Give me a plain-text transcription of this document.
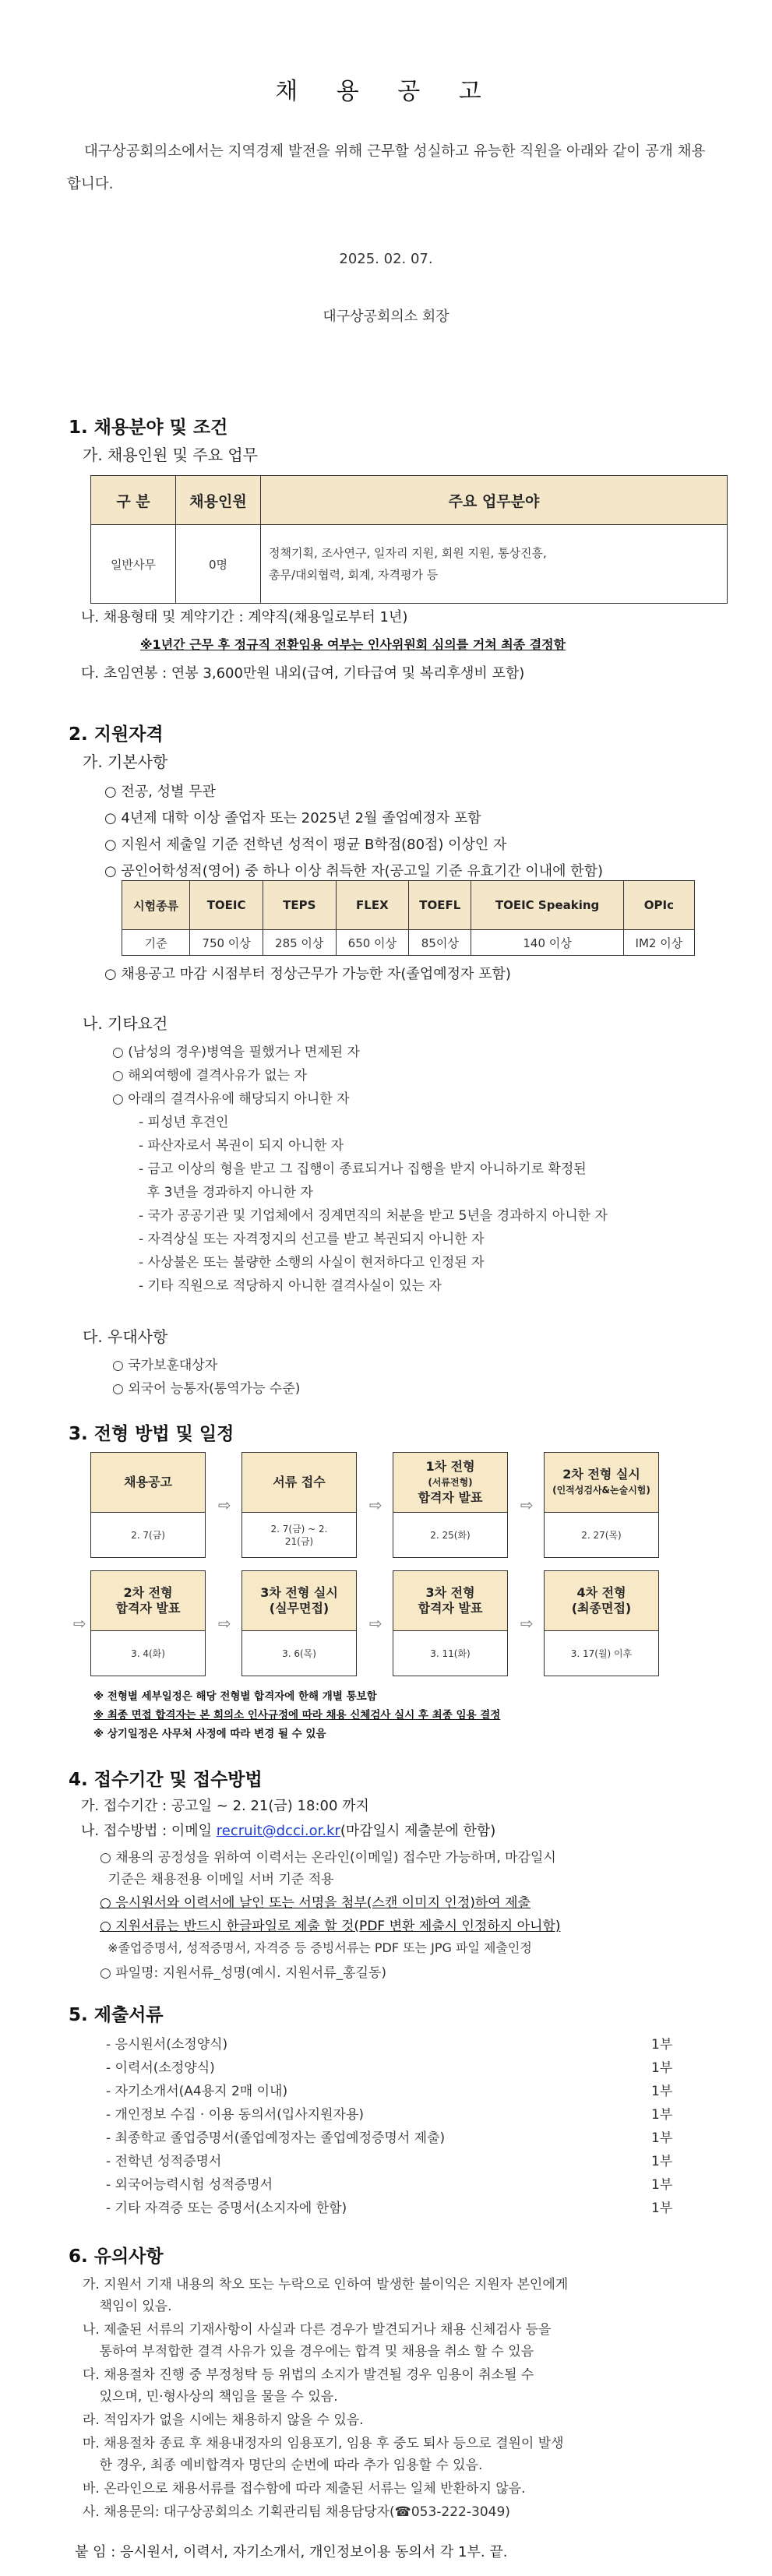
채 용 공 고
대구상공회의소에서는 지역경제 발전을 위해 근무할 성실하고 유능한 직원을 아래와 같이 공개 채용합니다.
2025. 02. 07.
대구상공회의소 회장
1. 채용분야 및 조건
가. 채용인원 및 주요 업무
구 분	채용인원	주요 업무분야
일반사무	0명	정책기획, 조사연구, 일자리 지원, 회원 지원, 통상진흥,
총무/대외협력, 회계, 자격평가 등
나. 채용형태 및 계약기간 : 계약직(채용일로부터 1년)
※1년간 근무 후 정규직 전환임용 여부는 인사위원회 심의를 거쳐 최종 결정함
다. 초임연봉 : 연봉 3,600만원 내외(급여, 기타급여 및 복리후생비 포함)
2. 지원자격
가. 기본사항
○ 전공, 성별 무관
○ 4년제 대학 이상 졸업자 또는 2025년 2월 졸업예정자 포함
○ 지원서 제출일 기준 전학년 성적이 평균 B학점(80점) 이상인 자
○ 공인어학성적(영어) 중 하나 이상 취득한 자(공고일 기준 유효기간 이내에 한함)
시험종류	TOEIC	TEPS	FLEX	TOEFL	TOEIC Speaking	OPIc
기준	750 이상	285 이상	650 이상	85이상	140 이상	IM2 이상
○ 채용공고 마감 시점부터 정상근무가 가능한 자(졸업예정자 포함)
나. 기타요건
○ (남성의 경우)병역을 필했거나 면제된 자
○ 해외여행에 결격사유가 없는 자
○ 아래의 결격사유에 해당되지 아니한 자
- 피성년 후견인
- 파산자로서 복권이 되지 아니한 자
- 금고 이상의 형을 받고 그 집행이 종료되거나 집행을 받지 아니하기로 확정된
후 3년을 경과하지 아니한 자
- 국가 공공기관 및 기업체에서 징계면직의 처분을 받고 5년을 경과하지 아니한 자
- 자격상실 또는 자격정지의 선고를 받고 복권되지 아니한 자
- 사상불온 또는 불량한 소행의 사실이 현저하다고 인정된 자
- 기타 직원으로 적당하지 아니한 결격사실이 있는 자
다. 우대사항
○ 국가보훈대상자
○ 외국어 능통자(통역가능 수준)
3. 전형 방법 및 일정
채용공고
2. 7(금)
⇨
서류 접수
2. 7(금) ~ 2. 21(금)
⇨
1차 전형
(서류전형)
합격자 발표
2. 25(화)
⇨
2차 전형 실시
(인적성검사&논술시험)
2. 27(목)
⇨
2차 전형
합격자 발표
3. 4(화)
⇨
3차 전형 실시
(실무면접)
3. 6(목)
⇨
3차 전형
합격자 발표
3. 11(화)
⇨
4차 전형
(최종면접)
3. 17(월) 이후
※ 전형별 세부일정은 해당 전형별 합격자에 한해 개별 통보함
※ 최종 면접 합격자는 본 회의소 인사규정에 따라 채용 신체검사 실시 후 최종 임용 결정
※ 상기일정은 사무처 사정에 따라 변경 될 수 있음
4. 접수기간 및 접수방법
가. 접수기간 : 공고일 ~ 2. 21(금) 18:00 까지
나. 접수방법 : 이메일 recruit@dcci.or.kr(마감일시 제출분에 한함)
○ 채용의 공정성을 위하여 이력서는 온라인(이메일) 접수만 가능하며, 마감일시
기준은 채용전용 이메일 서버 기준 적용
○ 응시원서와 이력서에 날인 또는 서명을 첨부(스캔 이미지 인정)하여 제출
○ 지원서류는 반드시 한글파일로 제출 할 것(PDF 변환 제출시 인정하지 아니함)
※졸업증명서, 성적증명서, 자격증 등 증빙서류는 PDF 또는 JPG 파일 제출인정
○ 파일명: 지원서류_성명(예시. 지원서류_홍길동)
5. 제출서류
- 응시원서(소정양식)	1부
- 이력서(소정양식)	1부
- 자기소개서(A4용지 2매 이내)	1부
- 개인정보 수집 · 이용 동의서(입사지원자용)	1부
- 최종학교 졸업증명서(졸업예정자는 졸업예정증명서 제출)	1부
- 전학년 성적증명서	1부
- 외국어능력시험 성적증명서	1부
- 기타 자격증 또는 증명서(소지자에 한함)	1부
6. 유의사항
가. 지원서 기재 내용의 착오 또는 누락으로 인하여 발생한 불이익은 지원자 본인에게
책임이 있음.
나. 제출된 서류의 기재사항이 사실과 다른 경우가 발견되거나 채용 신체검사 등을
통하여 부적합한 결격 사유가 있을 경우에는 합격 및 채용을 취소 할 수 있음
다. 채용절차 진행 중 부정청탁 등 위법의 소지가 발견될 경우 임용이 취소될 수
있으며, 민·형사상의 책임을 물을 수 있음.
라. 적임자가 없을 시에는 채용하지 않을 수 있음.
마. 채용절차 종료 후 채용내정자의 임용포기, 임용 후 중도 퇴사 등으로 결원이 발생
한 경우, 최종 예비합격자 명단의 순번에 따라 추가 임용할 수 있음.
바. 온라인으로 채용서류를 접수함에 따라 제출된 서류는 일체 반환하지 않음.
사. 채용문의: 대구상공회의소 기획관리팀 채용담당자(☎053-222-3049)
붙 임 : 응시원서, 이력서, 자기소개서, 개인정보이용 동의서 각 1부. 끝.
